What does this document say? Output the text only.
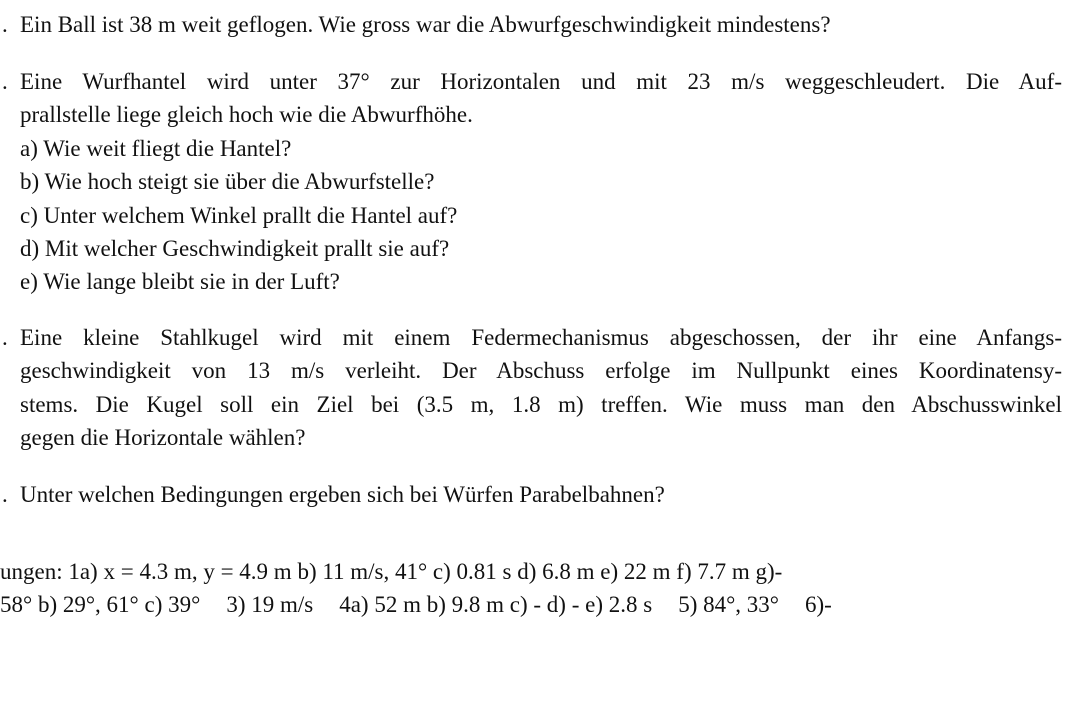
. Ein Ball ist 38 m weit geflogen. Wie gross war die Abwurfgeschwindigkeit mindestens?
. Eine Wurfhantel wird unter 37° zur Horizontalen und mit 23 m/s weggeschleudert. Die Auf-
prallstelle liege gleich hoch wie die Abwurfhöhe.
a) Wie weit fliegt die Hantel?
b) Wie hoch steigt sie über die Abwurfstelle?
c) Unter welchem Winkel prallt die Hantel auf?
d) Mit welcher Geschwindigkeit prallt sie auf?
e) Wie lange bleibt sie in der Luft?
. Eine kleine Stahlkugel wird mit einem Federmechanismus abgeschossen, der ihr eine Anfangs-
geschwindigkeit von 13 m/s verleiht. Der Abschuss erfolge im Nullpunkt eines Koordinatensy-
stems. Die Kugel soll ein Ziel bei (3.5 m, 1.8 m) treffen. Wie muss man den Abschusswinkel
gegen die Horizontale wählen?
. Unter welchen Bedingungen ergeben sich bei Würfen Parabelbahnen?
ungen: 1a) x = 4.3 m, y = 4.9 m b) 11 m/s, 41° c) 0.81 s d) 6.8 m e) 22 m f) 7.7 m g)-
58° b) 29°, 61° c) 39° 3) 19 m/s 4a) 52 m b) 9.8 m c) - d) - e) 2.8 s 5) 84°, 33° 6)-
